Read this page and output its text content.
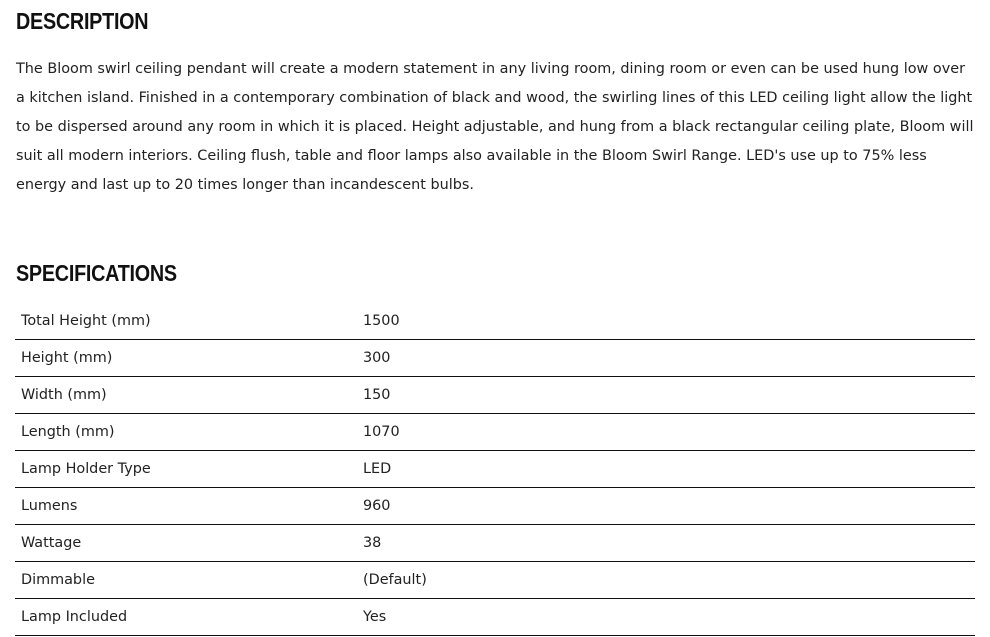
DESCRIPTION

The Bloom swirl ceiling pendant will create a modern statement in any living room, dining room or even can be used hung low over a kitchen island. Finished in a contemporary combination of black and wood, the swirling lines of this LED ceiling light allow the light to be dispersed around any room in which it is placed. Height adjustable, and hung from a black rectangular ceiling plate, Bloom will suit all modern interiors. Ceiling flush, table and floor lamps also available in the Bloom Swirl Range. LED's use up to 75% less energy and last up to 20 times longer than incandescent bulbs.

SPECIFICATIONS
Total Height (mm)	1500
Height (mm)	300
Width (mm)	150
Length (mm)	1070
Lamp Holder Type	LED
Lumens	960
Wattage	38
Dimmable	(Default)
Lamp Included	Yes
